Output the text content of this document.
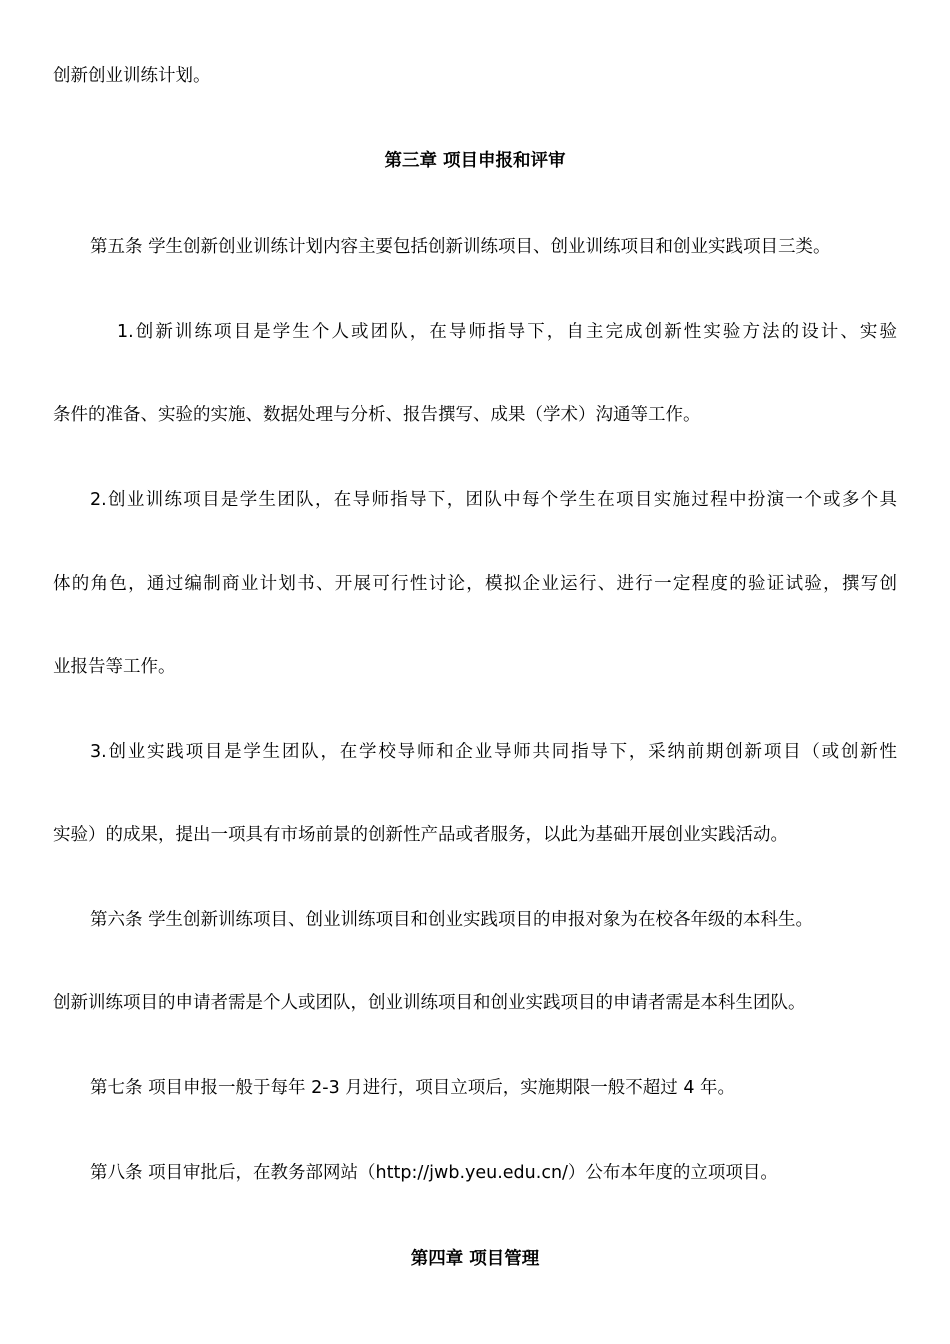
创新创业训练计划。

第三章 项目申报和评审

第五条 学生创新创业训练计划内容主要包括创新训练项目、创业训练项目和创业实践项目三类。

1.创新训练项目是学生个人或团队，在导师指导下，自主完成创新性实验方法的设计、实验

条件的准备、实验的实施、数据处理与分析、报告撰写、成果（学术）沟通等工作。

2.创业训练项目是学生团队，在导师指导下，团队中每个学生在项目实施过程中扮演一个或多个具

体的角色，通过编制商业计划书、开展可行性讨论，模拟企业运行、进行一定程度的验证试验，撰写创

业报告等工作。

3.创业实践项目是学生团队，在学校导师和企业导师共同指导下，采纳前期创新项目（或创新性

实验）的成果，提出一项具有市场前景的创新性产品或者服务，以此为基础开展创业实践活动。

第六条 学生创新训练项目、创业训练项目和创业实践项目的申报对象为在校各年级的本科生。

创新训练项目的申请者需是个人或团队，创业训练项目和创业实践项目的申请者需是本科生团队。

第七条 项目申报一般于每年 2-3 月进行，项目立项后，实施期限一般不超过 4 年。

第八条 项目审批后，在教务部网站（http://jwb.yeu.edu.cn/）公布本年度的立项项目。

第四章 项目管理
